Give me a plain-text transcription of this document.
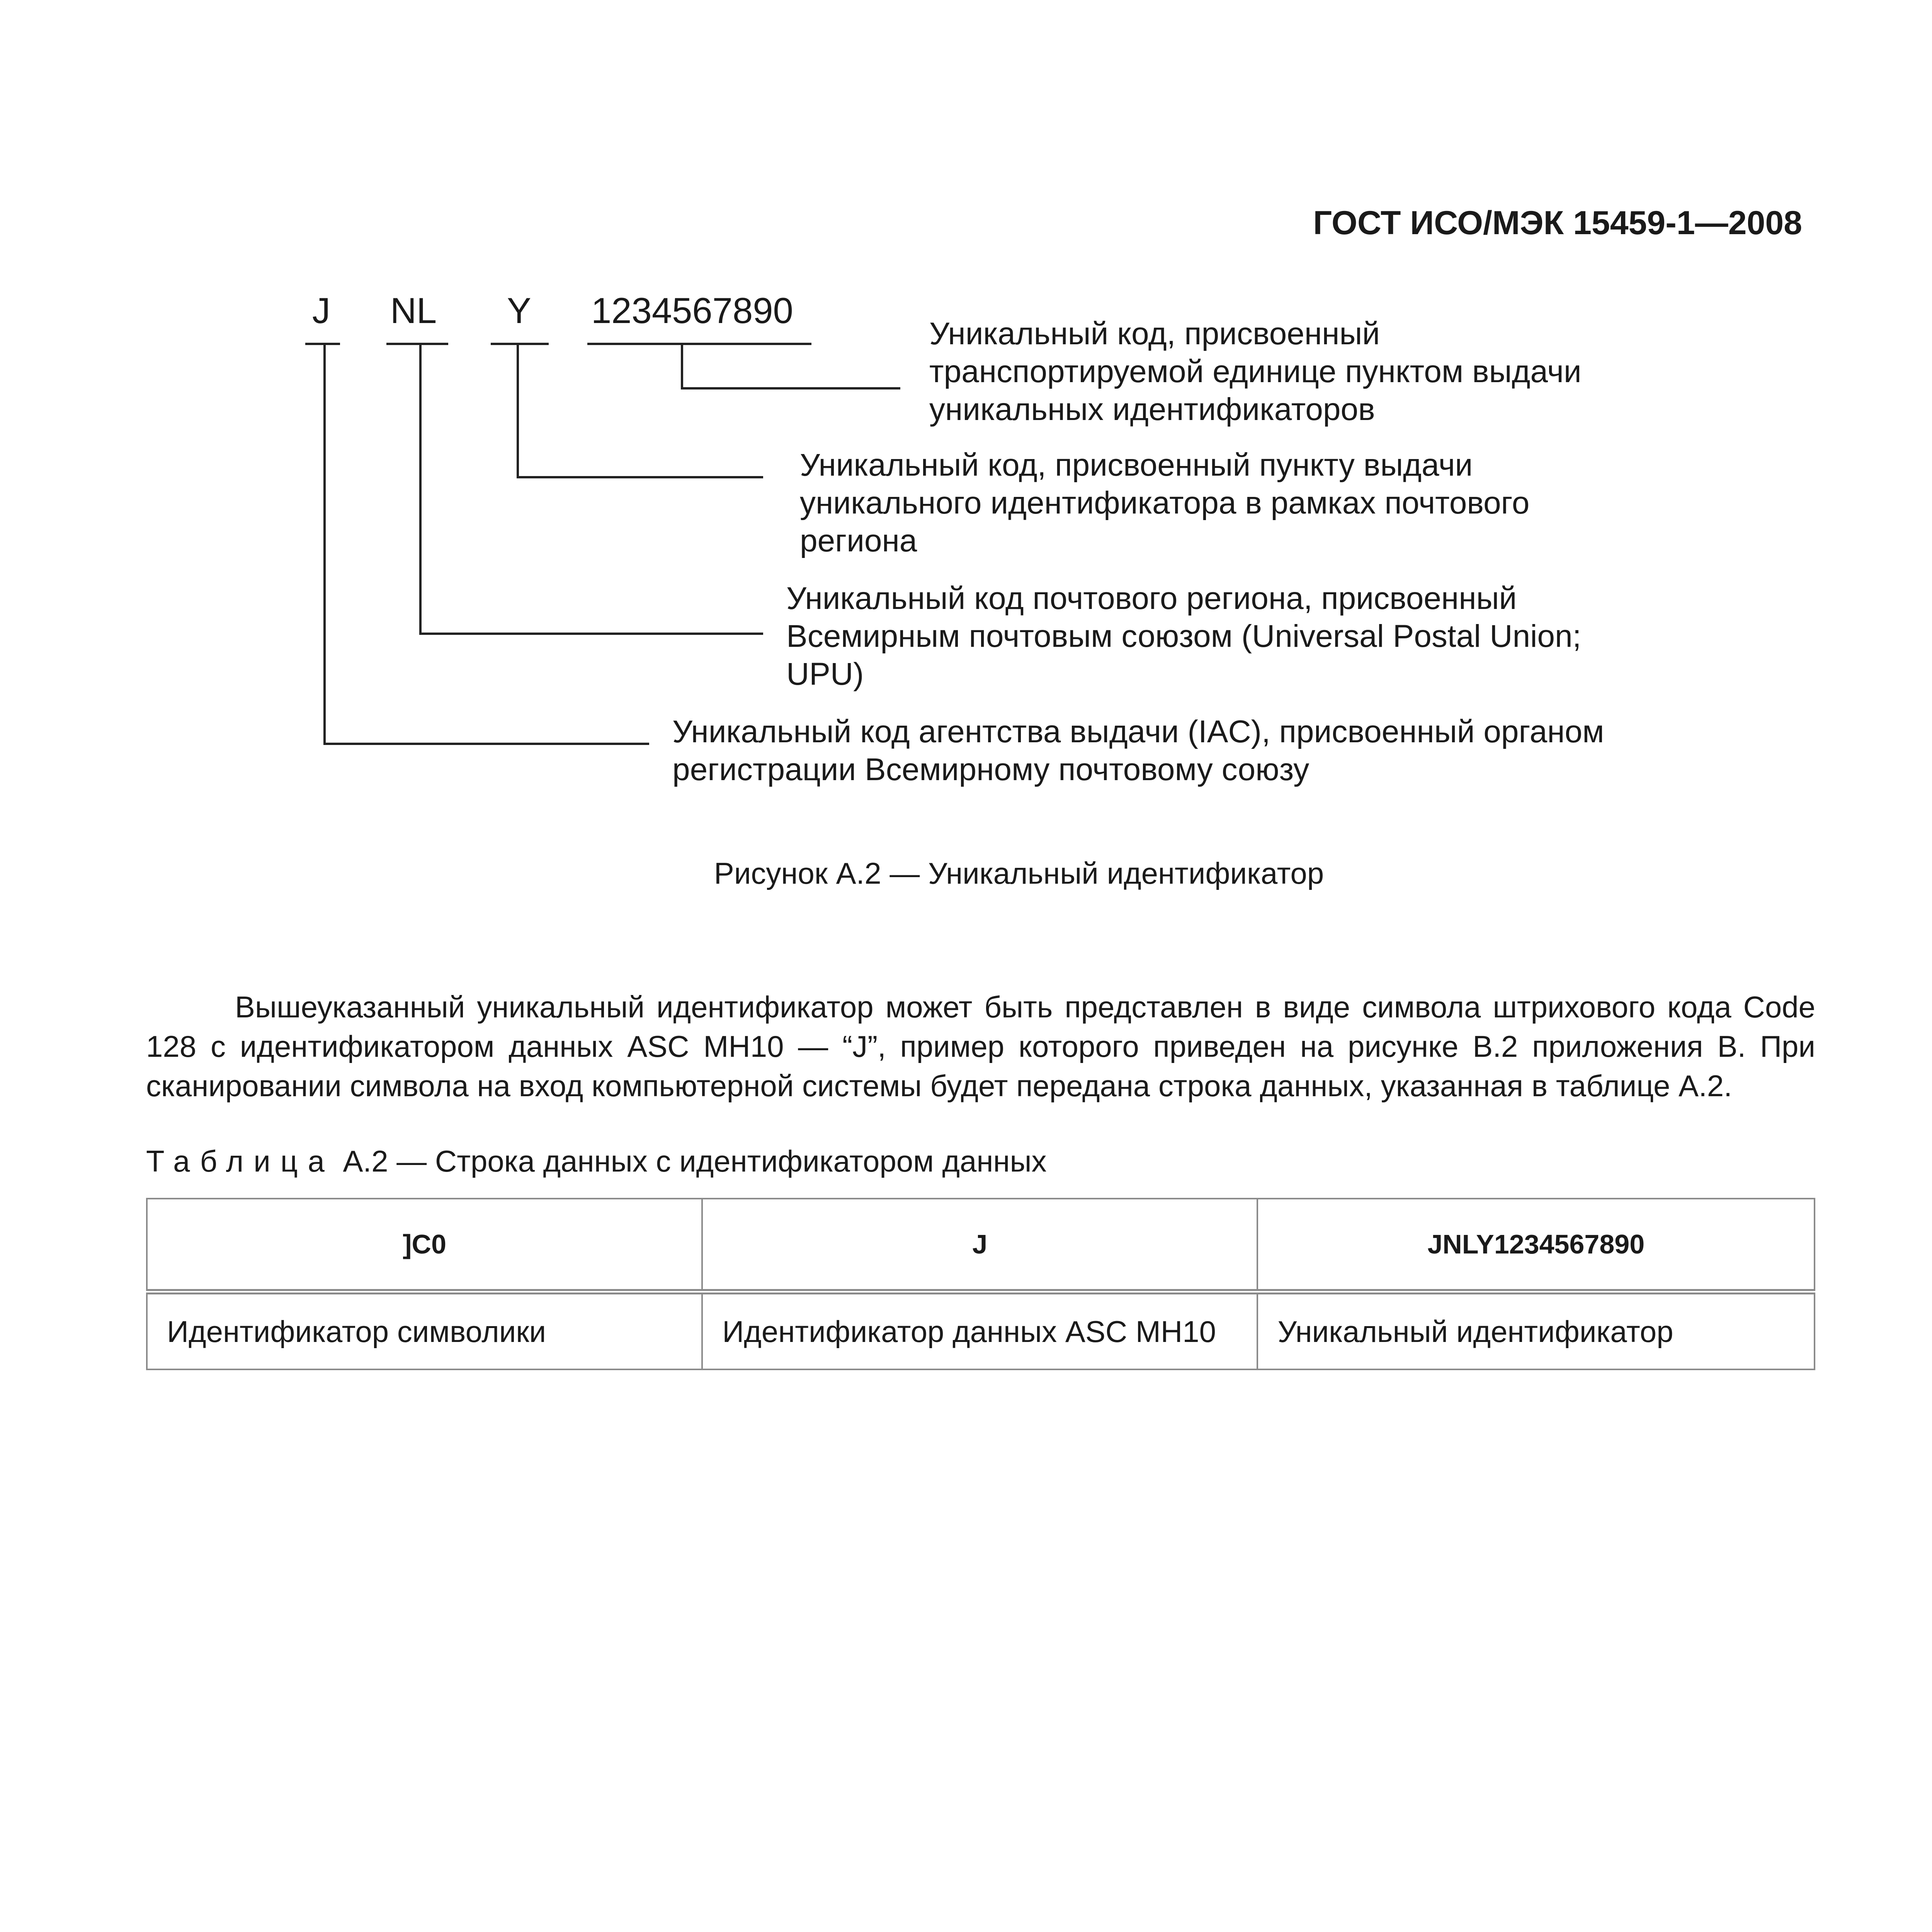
ГОСТ ИСО/МЭК 15459-1—2008
J NL Y 1234567890
Уникальный код, присвоенный
транспортируемой единице пунктом выдачи
уникальных идентификаторов
Уникальный код, присвоенный пункту выдачи
уникального идентификатора в рамках почтового
региона
Уникальный код почтового региона, присвоенный
Всемирным почтовым союзом (Universal Postal Union;
UPU)
Уникальный код агентства выдачи (IAC), присвоенный органом
регистрации Всемирному почтовому союзу
Рисунок А.2 — Уникальный идентификатор

Вышеуказанный уникальный идентификатор может быть представлен в виде символа штрихового кода Code 128 с идентификатором данных ASC MH10 — “J”, пример которого приведен на рисунке В.2 приложения В. При сканировании символа на вход компьютерной системы будет передана строка данных, указанная в таблице А.2.

Таблица А.2 — Строка данных с идентификатором данных
]C0	J	JNLY1234567890
Идентификатор символики	Идентификатор данных ASC MH10	Уникальный идентификатор
